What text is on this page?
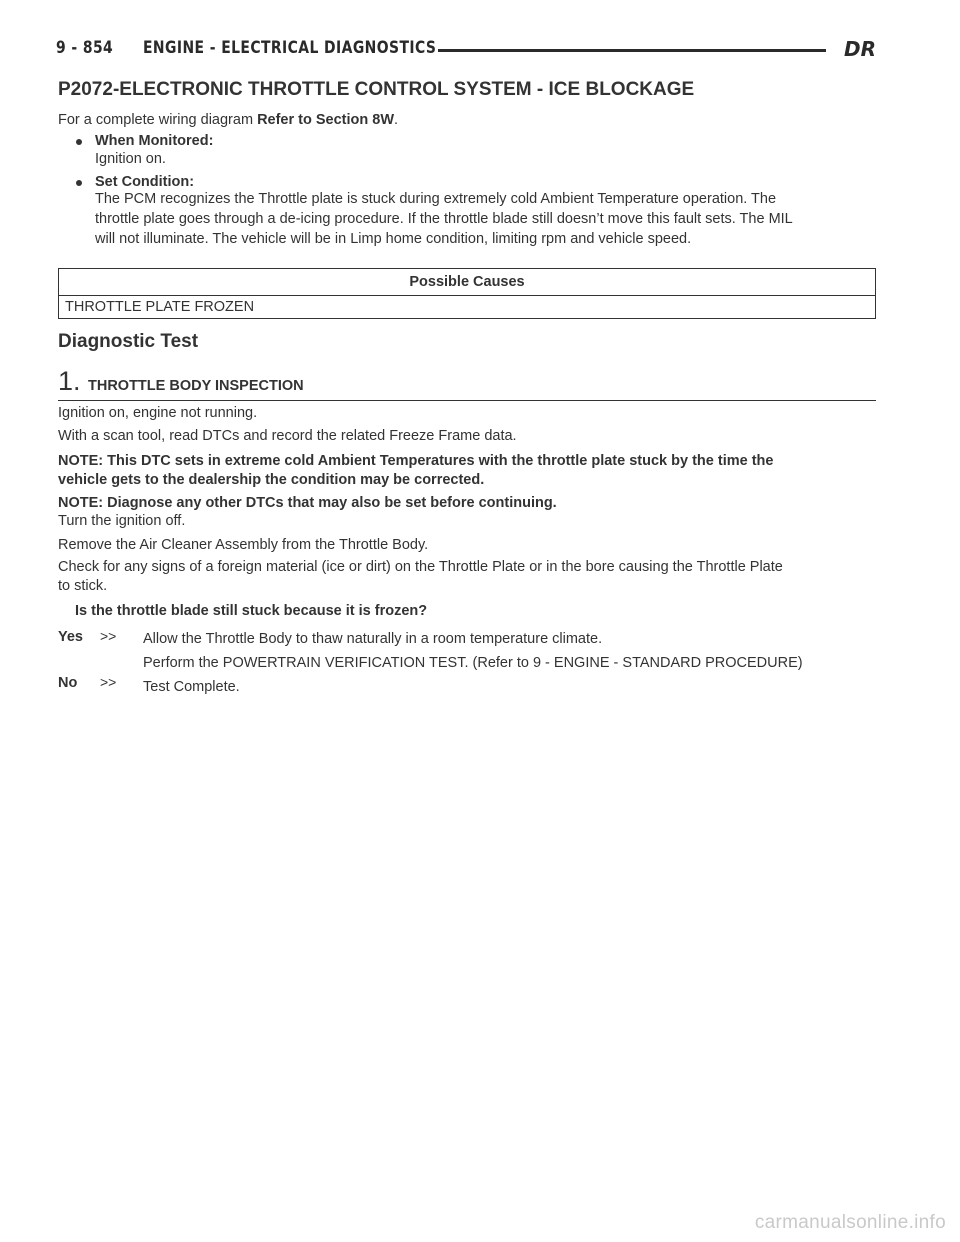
9 - 854 ENGINE - ELECTRICAL DIAGNOSTICS	DR
P2072-ELECTRONIC THROTTLE CONTROL SYSTEM - ICE BLOCKAGE
For a complete wiring diagram Refer to Section 8W.
When Monitored:
Ignition on.
Set Condition:
The PCM recognizes the Throttle plate is stuck during extremely cold Ambient Temperature operation. The
throttle plate goes through a de-icing procedure. If the throttle blade still doesn’t move this fault sets. The MIL
will not illuminate. The vehicle will be in Limp home condition, limiting rpm and vehicle speed.
Possible Causes
THROTTLE PLATE FROZEN
Diagnostic Test
1. THROTTLE BODY INSPECTION
Ignition on, engine not running.
With a scan tool, read DTCs and record the related Freeze Frame data.
NOTE: This DTC sets in extreme cold Ambient Temperatures with the throttle plate stuck by the time the
vehicle gets to the dealership the condition may be corrected.
NOTE: Diagnose any other DTCs that may also be set before continuing.
Turn the ignition off.
Remove the Air Cleaner Assembly from the Throttle Body.
Check for any signs of a foreign material (ice or dirt) on the Throttle Plate or in the bore causing the Throttle Plate
to stick.
Is the throttle blade still stuck because it is frozen?
Yes >> Allow the Throttle Body to thaw naturally in a room temperature climate.
Perform the POWERTRAIN VERIFICATION TEST. (Refer to 9 - ENGINE - STANDARD PROCEDURE)
No >> Test Complete.
carmanualsonline.info
